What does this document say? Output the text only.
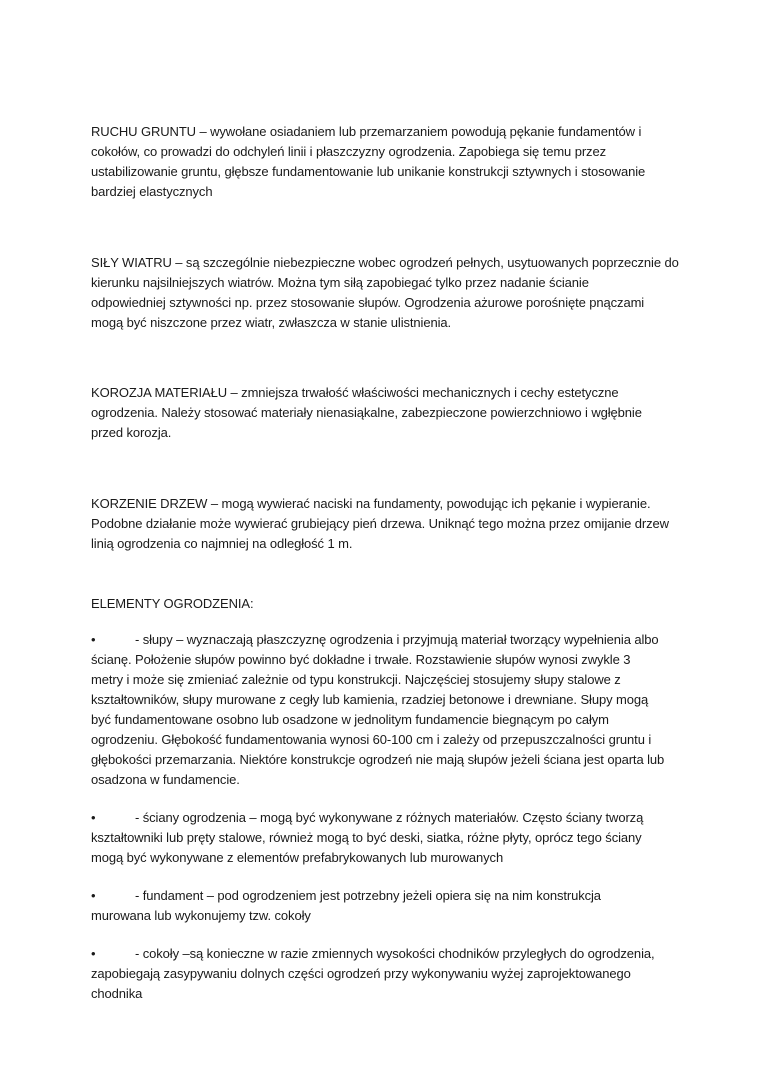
RUCHU GRUNTU – wywołane osiadaniem lub przemarzaniem powodują pękanie fundamentów i
cokołów, co prowadzi do odchyleń linii i płaszczyzny ogrodzenia. Zapobiega się temu przez
ustabilizowanie gruntu, głębsze fundamentowanie lub unikanie konstrukcji sztywnych i stosowanie
bardziej elastycznych
SIŁY WIATRU – są szczególnie niebezpieczne wobec ogrodzeń pełnych, usytuowanych poprzecznie do
kierunku najsilniejszych wiatrów. Można tym siłą zapobiegać tylko przez nadanie ścianie
odpowiedniej sztywności np. przez stosowanie słupów. Ogrodzenia ażurowe porośnięte pnączami
mogą być niszczone przez wiatr, zwłaszcza w stanie ulistnienia.
KOROZJA MATERIAŁU – zmniejsza trwałość właściwości mechanicznych i cechy estetyczne
ogrodzenia. Należy stosować materiały nienasiąkalne, zabezpieczone powierzchniowo i wgłębnie
przed korozja.
KORZENIE DRZEW – mogą wywierać naciski na fundamenty, powodując ich pękanie i wypieranie.
Podobne działanie może wywierać grubiejący pień drzewa. Uniknąć tego można przez omijanie drzew
linią ogrodzenia co najmniej na odległość 1 m.
ELEMENTY OGRODZENIA:
•	- słupy – wyznaczają płaszczyznę ogrodzenia i przyjmują materiał tworzący wypełnienia albo
ścianę. Położenie słupów powinno być dokładne i trwałe. Rozstawienie słupów wynosi zwykle 3
metry i może się zmieniać zależnie od typu konstrukcji. Najczęściej stosujemy słupy stalowe z
kształtowników, słupy murowane z cegły lub kamienia, rzadziej betonowe i drewniane. Słupy mogą
być fundamentowane osobno lub osadzone w jednolitym fundamencie biegnącym po całym
ogrodzeniu. Głębokość fundamentowania wynosi 60-100 cm i zależy od przepuszczalności gruntu i
głębokości przemarzania. Niektóre konstrukcje ogrodzeń nie mają słupów jeżeli ściana jest oparta lub
osadzona w fundamencie.
•	- ściany ogrodzenia – mogą być wykonywane z różnych materiałów. Często ściany tworzą
kształtowniki lub pręty stalowe, również mogą to być deski, siatka, różne płyty, oprócz tego ściany
mogą być wykonywane z elementów prefabrykowanych lub murowanych
•	- fundament – pod ogrodzeniem jest potrzebny jeżeli opiera się na nim konstrukcja
murowana lub wykonujemy tzw. cokoły
•	- cokoły –są konieczne w razie zmiennych wysokości chodników przyległych do ogrodzenia,
zapobiegają zasypywaniu dolnych części ogrodzeń przy wykonywaniu wyżej zaprojektowanego
chodnika
